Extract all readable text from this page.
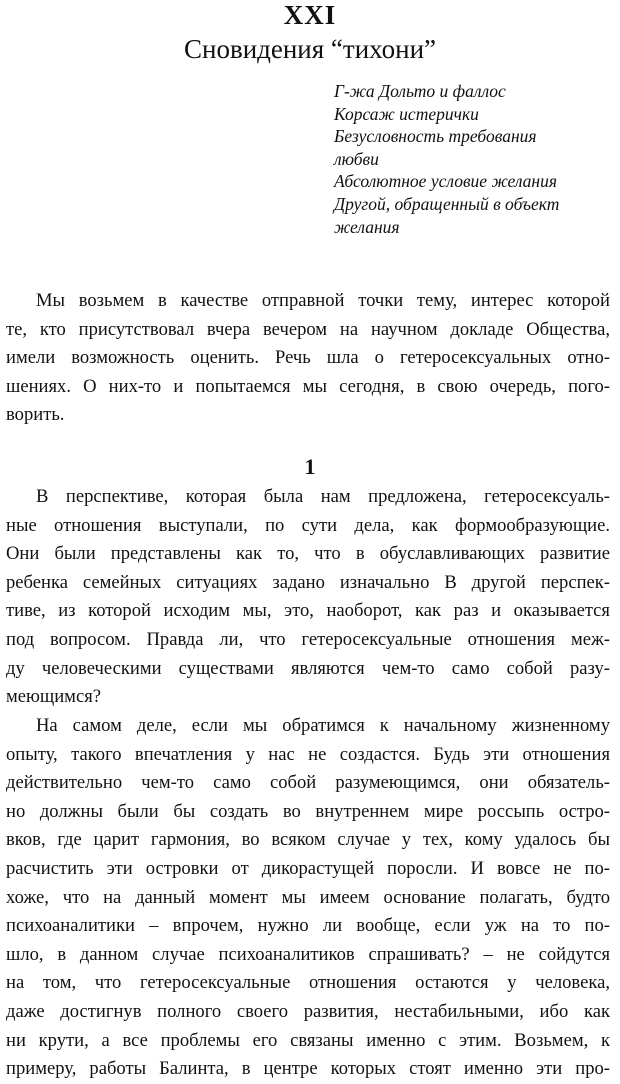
XXI
Сновидения “тихони”
Г-жа Дольто и фаллос
Корсаж истерички
Безусловность требования
любви
Абсолютное условие желания
Другой, обращенный в объект
желания
Мы возьмем в качестве отправной точки тему, интерес которой
те, кто присутствовал вчера вечером на научном докладе Общества,
имели возможность оценить. Речь шла о гетеросексуальных отно-
шениях. О них-то и попытаемся мы сегодня, в свою очередь, пого-
ворить.
1
В перспективе, которая была нам предложена, гетеросексуаль-
ные отношения выступали, по сути дела, как формообразующие.
Они были представлены как то, что в обуславливающих развитие
ребенка семейных ситуациях задано изначально В другой перспек-
тиве, из которой исходим мы, это, наоборот, как раз и оказывается
под вопросом. Правда ли, что гетеросексуальные отношения меж-
ду человеческими существами являются чем-то само собой разу-
меющимся?
На самом деле, если мы обратимся к начальному жизненному
опыту, такого впечатления у нас не создастся. Будь эти отношения
действительно чем-то само собой разумеющимся, они обязатель-
но должны были бы создать во внутреннем мире россыпь остро-
вков, где царит гармония, во всяком случае у тех, кому удалось бы
расчистить эти островки от дикорастущей поросли. И вовсе не по-
хоже, что на данный момент мы имеем основание полагать, будто
психоаналитики – впрочем, нужно ли вообще, если уж на то по-
шло, в данном случае психоаналитиков спрашивать? – не сойдутся
на том, что гетеросексуальные отношения остаются у человека,
даже достигнув полного своего развития, нестабильными, ибо как
ни крути, а все проблемы его связаны именно с этим. Возьмем, к
примеру, работы Балинта, в центре которых стоят именно эти про-
